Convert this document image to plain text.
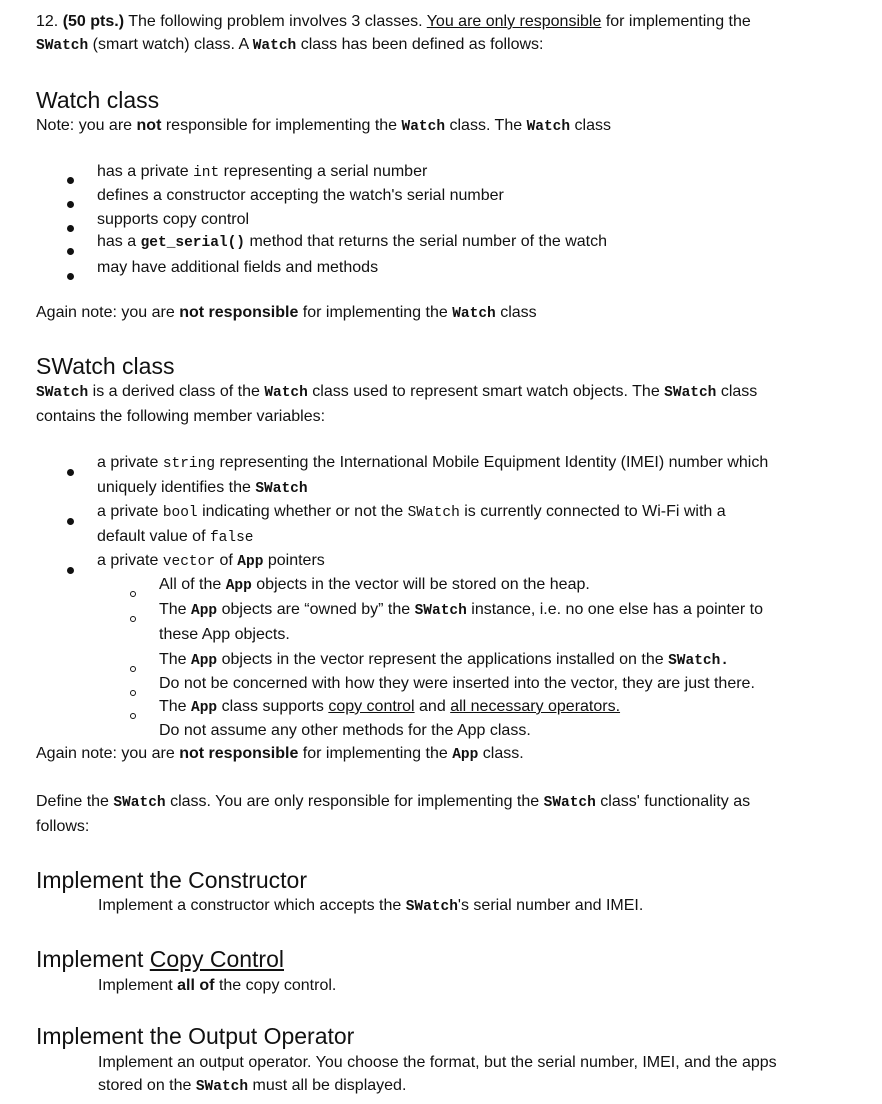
12. (50 pts.) The following problem involves 3 classes. You are only responsible for implementing the
SWatch (smart watch) class. A Watch class has been defined as follows:
Watch class
Note: you are not responsible for implementing the Watch class. The Watch class
has a private int representing a serial number
defines a constructor accepting the watch's serial number
supports copy control
has a get_serial() method that returns the serial number of the watch
may have additional fields and methods
Again note: you are not responsible for implementing the Watch class
SWatch class
SWatch is a derived class of the Watch class used to represent smart watch objects. The SWatch class
contains the following member variables:
a private string representing the International Mobile Equipment Identity (IMEI) number which
uniquely identifies the SWatch
a private bool indicating whether or not the SWatch is currently connected to Wi-Fi with a
default value of false
a private vector of App pointers
All of the App objects in the vector will be stored on the heap.
The App objects are “owned by” the SWatch instance, i.e. no one else has a pointer to
these App objects.
The App objects in the vector represent the applications installed on the SWatch.
Do not be concerned with how they were inserted into the vector, they are just there.
The App class supports copy control and all necessary operators.
Do not assume any other methods for the App class.
Again note: you are not responsible for implementing the App class.
Define the SWatch class. You are only responsible for implementing the SWatch class' functionality as
follows:
Implement the Constructor
Implement a constructor which accepts the SWatch's serial number and IMEI.
Implement Copy Control
Implement all of the copy control.
Implement the Output Operator
Implement an output operator. You choose the format, but the serial number, IMEI, and the apps
stored on the SWatch must all be displayed.
